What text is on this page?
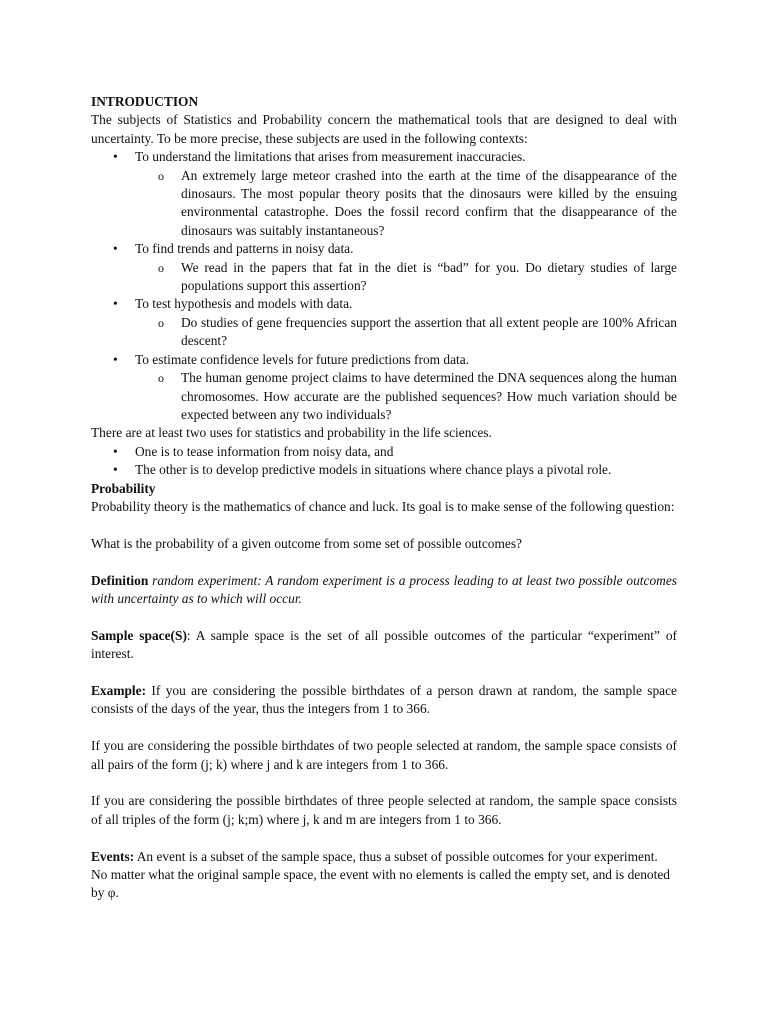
INTRODUCTION

The subjects of Statistics and Probability concern the mathematical tools that are designed to deal with uncertainty. To be more precise, these subjects are used in the following contexts:

• To understand the limitations that arises from measurement inaccuracies.
o An extremely large meteor crashed into the earth at the time of the disappearance of the dinosaurs. The most popular theory posits that the dinosaurs were killed by the ensuing environmental catastrophe. Does the fossil record confirm that the disappearance of the dinosaurs was suitably instantaneous?
• To find trends and patterns in noisy data.
o We read in the papers that fat in the diet is “bad” for you. Do dietary studies of large populations support this assertion?
• To test hypothesis and models with data.
o Do studies of gene frequencies support the assertion that all extent people are 100% African descent?
• To estimate confidence levels for future predictions from data.
o The human genome project claims to have determined the DNA sequences along the human chromosomes. How accurate are the published sequences? How much variation should be expected between any two individuals?

There are at least two uses for statistics and probability in the life sciences.

• One is to tease information from noisy data, and
• The other is to develop predictive models in situations where chance plays a pivotal role.

Probability

Probability theory is the mathematics of chance and luck. Its goal is to make sense of the following question:

What is the probability of a given outcome from some set of possible outcomes?

Definition random experiment: A random experiment is a process leading to at least two possible outcomes with uncertainty as to which will occur.

Sample space(S): A sample space is the set of all possible outcomes of the particular “experiment” of interest.

Example: If you are considering the possible birthdates of a person drawn at random, the sample space consists of the days of the year, thus the integers from 1 to 366.

If you are considering the possible birthdates of two people selected at random, the sample space consists of all pairs of the form (j; k) where j and k are integers from 1 to 366.

If you are considering the possible birthdates of three people selected at random, the sample space consists of all triples of the form (j; k;m) where j, k and m are integers from 1 to 366.

Events: An event is a subset of the sample space, thus a subset of possible outcomes for your experiment. No matter what the original sample space, the event with no elements is called the empty set, and is denoted by φ.
